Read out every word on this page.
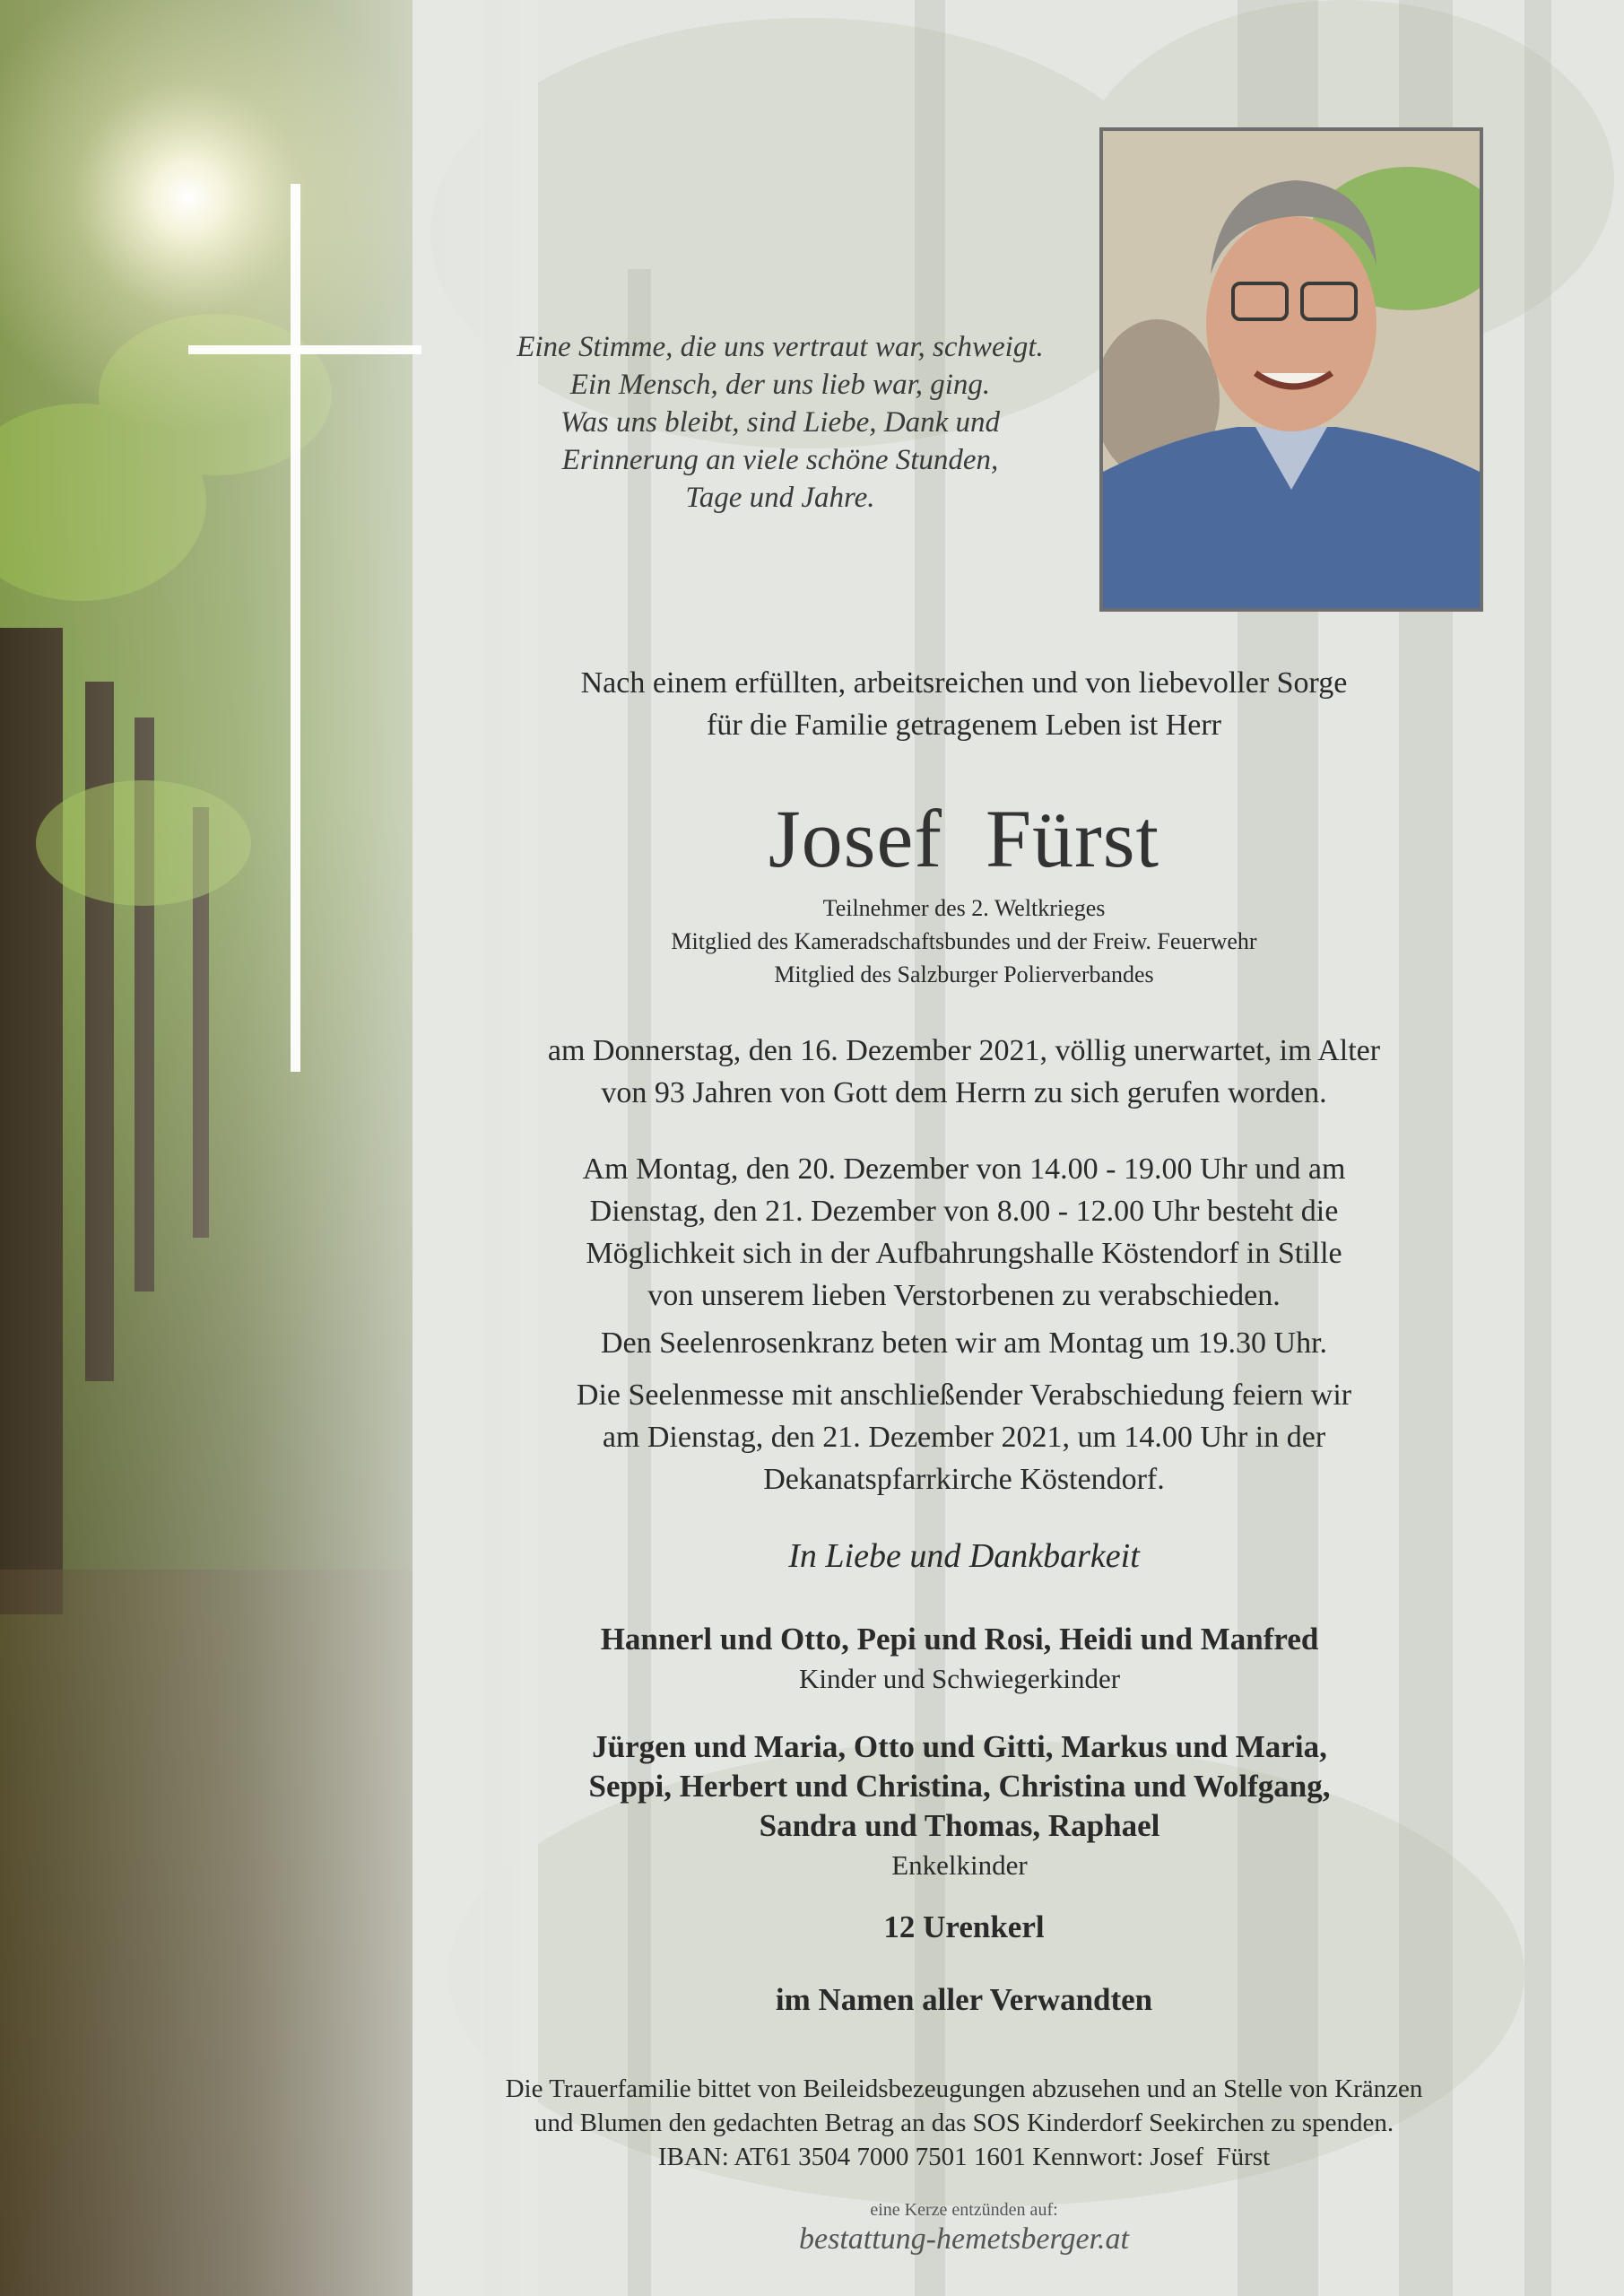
Eine Stimme, die uns vertraut war, schweigt.
Ein Mensch, der uns lieb war, ging.
Was uns bleibt, sind Liebe, Dank und
Erinnerung an viele schöne Stunden,
Tage und Jahre.
Nach einem erfüllten, arbeitsreichen und von liebevoller Sorge
für die Familie getragenem Leben ist Herr
Josef  Fürst
Teilnehmer des 2. Weltkrieges
Mitglied des Kameradschaftsbundes und der Freiw. Feuerwehr
Mitglied des Salzburger Polierverbandes
am Donnerstag, den 16. Dezember 2021, völlig unerwartet, im Alter
von 93 Jahren von Gott dem Herrn zu sich gerufen worden.
Am Montag, den 20. Dezember von 14.00 - 19.00 Uhr und am
Dienstag, den 21. Dezember von 8.00 - 12.00 Uhr besteht die
Möglichkeit sich in der Aufbahrungshalle Köstendorf in Stille
von unserem lieben Verstorbenen zu verabschieden.
Den Seelenrosenkranz beten wir am Montag um 19.30 Uhr.
Die Seelenmesse mit anschließender Verabschiedung feiern wir
am Dienstag, den 21. Dezember 2021, um 14.00 Uhr in der
Dekanatspfarrkirche Köstendorf.
In Liebe und Dankbarkeit
Hannerl und Otto, Pepi und Rosi, Heidi und Manfred
Kinder und Schwiegerkinder
Jürgen und Maria, Otto und Gitti, Markus und Maria,
Seppi, Herbert und Christina, Christina und Wolfgang,
Sandra und Thomas, Raphael
Enkelkinder
12 Urenkerl
im Namen aller Verwandten
Die Trauerfamilie bittet von Beileidsbezeugungen abzusehen und an Stelle von Kränzen
und Blumen den gedachten Betrag an das SOS Kinderdorf Seekirchen zu spenden.
IBAN: AT61 3504 7000 7501 1601 Kennwort: Josef  Fürst
eine Kerze entzünden auf:
bestattung-hemetsberger.at
